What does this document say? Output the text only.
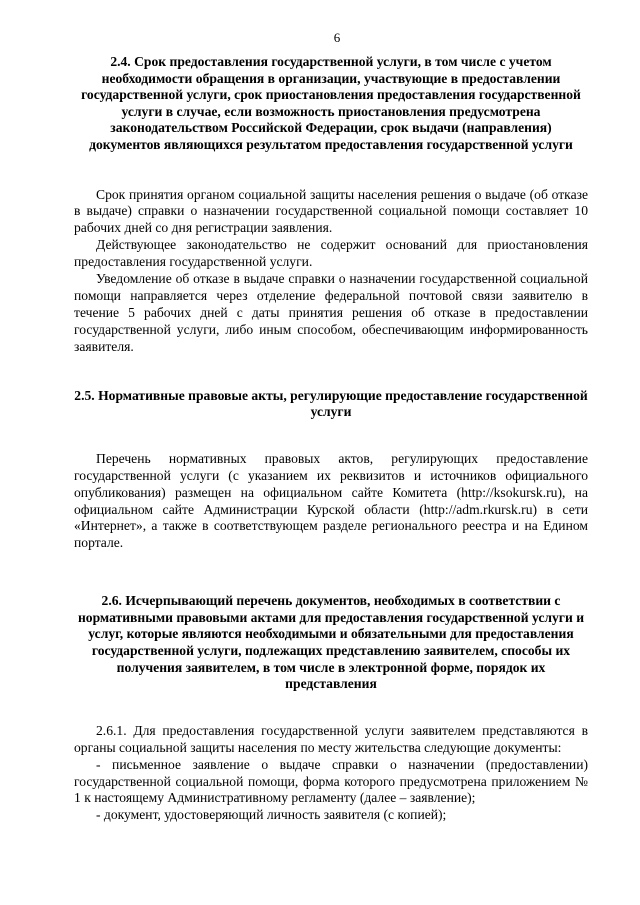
6

2.4. Срок предоставления государственной услуги, в том числе с учетом необходимости обращения в организации, участвующие в предоставлении государственной услуги, срок приостановления предоставления государственной услуги в случае, если возможность приостановления предусмотрена законодательством Российской Федерации, срок выдачи (направления) документов являющихся результатом предоставления государственной услуги

Срок принятия органом социальной защиты населения решения о выдаче (об отказе в выдаче) справки о назначении государственной социальной помощи составляет 10 рабочих дней со дня регистрации заявления.

Действующее законодательство не содержит оснований для приостановления предоставления государственной услуги.

Уведомление об отказе в выдаче справки о назначении государственной социальной помощи направляется через отделение федеральной почтовой связи заявителю в течение 5 рабочих дней с даты принятия решения об отказе в предоставлении государственной услуги, либо иным способом, обеспечивающим информированность заявителя.

2.5. Нормативные правовые акты, регулирующие предоставление государственной услуги

Перечень нормативных правовых актов, регулирующих предоставление государственной услуги (с указанием их реквизитов и источников официального опубликования) размещен на официальном сайте Комитета (http://ksokursk.ru), на официальном сайте Администрации Курской области (http://adm.rkursk.ru) в сети «Интернет», а также в соответствующем разделе регионального реестра и на Едином портале.

2.6. Исчерпывающий перечень документов, необходимых в соответствии с нормативными правовыми актами для предоставления государственной услуги и услуг, которые являются необходимыми и обязательными для предоставления государственной услуги, подлежащих представлению заявителем, способы их получения заявителем, в том числе в электронной форме, порядок их представления

2.6.1. Для предоставления государственной услуги заявителем представляются в органы социальной защиты населения по месту жительства следующие документы:

- письменное заявление о выдаче справки о назначении (предоставлении) государственной социальной помощи, форма которого предусмотрена приложением № 1 к настоящему Административному регламенту (далее – заявление);

- документ, удостоверяющий личность заявителя (с копией);
